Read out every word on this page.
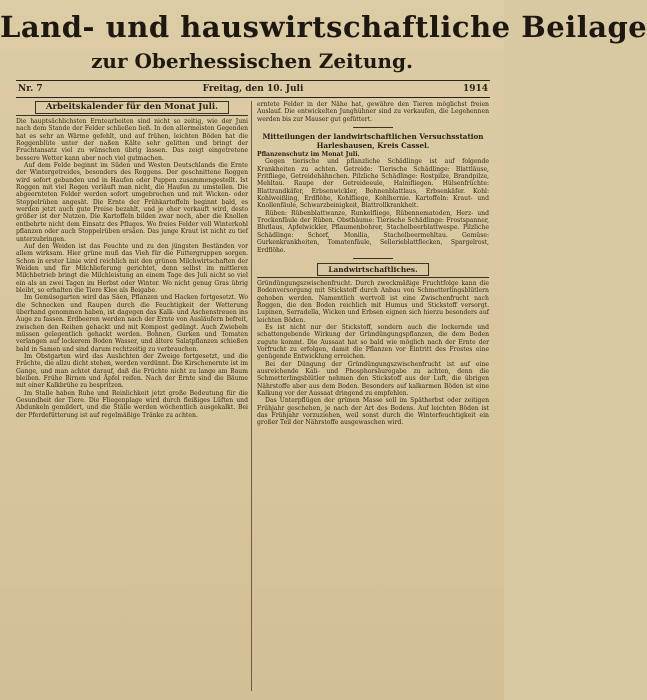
Land- und hauswirtschaftliche Beilage
zur Oberhessischen Zeitung.
Nr. 7	Freitag, den 10. Juli	1914
Arbeitskalender für den Monat Juli.

Die hauptsächlichsten Erntearbeiten sind nicht so zeitig, wie der Juni nach dem Stande der Felder schließen ließ. In den allermeisten Gegenden hat es sehr an Wärme gefehlt, und auf frühen, leichten Böden hat die Roggenblüte unter der naßen Kälte sehr gelitten und bringt der Fruchtansatz viel zu wünschen übrig lassen. Das zeigt eingetretene bessere Wetter kann aber noch viel gutmachen.

Auf dem Felde beginnt im Süden und Westen Deutschlands die Ernte der Wintergetreides, besonders des Roggens. Der geschnittene Roggen wird sofort gebunden und in Haufen oder Puppen zusammengestellt. Ist Roggen mit viel Regen verläuft man nicht, die Haufen zu umstellen. Die abgeernteten Felder werden sofort umgebrochen und mit Wicken- oder Stoppelrüben angesät. Die Ernte der Frühkartoffeln beginnt bald, es werden jetzt auch gute Preise bezahlt, und je eher verkauft wird, desto größer ist der Nutzen. Die Kartoffeln bilden zwar noch, aber die Knollen entbehrte nicht dem Einsatz des Pfluges. Wo freies Felder voll Winterkohl pflanzen oder auch Stoppelrüben ersäen. Das junge Kraut ist nicht zu tief unterzubringen.

Auf den Weiden ist das Feuchte und zu den jüngsten Beständen vor allem wirksam. Hier grüne muß das Vieh für die Futtergruppen sorgen. Schon in erster Linie wird reichlich mit den grünen Milchwirtschaften der Weiden und für Milchlieferung gerichtet, denn selbst im mittleren Milchbetrieb bringt die Milchleistung an einem Tage des Juli nicht so viel ein als an zwei Tagen im Herbst oder Winter. Wo nicht genug Gras übrig bleibt, so erhalten die Tiere Klee als Beigabe.

Im Gemüsegarten wird das Säen, Pflanzen und Hacken fortgesetzt. Wo die Schnecken und Raupen durch die Feuchtigkeit der Wetterung überhand genommen haben, ist dagegen das Kalk- und Aschenstreuen ins Auge zu fassen. Erdbeeren werden nach der Ernte von Ausläufern befreit, zwischen den Reihen gehackt und mit Kompost gedüngt. Auch Zwiebeln müssen gelegentlich gehackt werden. Bohnen, Gurken und Tomaten verlangen auf lockerem Boden Wasser, und ältere Salatpflanzen schießen bald in Samen und sind darum rechtzeitig zu verbrauchen.

Im Obstgarten wird das Auslichten der Zweige fortgesetzt, und die Früchte, die allzu dicht stehen, werden verdünnt. Die Kirschenernte ist im Gange, und man achtet darauf, daß die Früchte nicht zu lange am Baum bleiben. Frühe Birnen und Äpfel reifen. Nach der Ernte sind die Bäume mit einer Kalkbrühe zu bespritzen.

Im Stalle haben Ruhe und Reinlichkeit jetzt große Bedeutung für die Gesundheit der Tiere. Die Fliegenplage wird durch fleißiges Lüften und Abdunkeln gemildert, und die Ställe werden wöchentlich ausgekalkt. Bei der Pferdefütterung ist auf regelmäßige Tränke zu achten.

erntete Felder in der Nähe hat, gewähre den Tieren möglichst freien Auslauf. Die entwickelten Junghühner sind zu verkaufen, die Legehennen werden bis zur Mauser gut gefüttert.

Mitteilungen der landwirtschaftlichen Versuchsstation Harleshausen, Kreis Cassel.

Pflanzenschutz im Monat Juli.

Gegen tierische und pflanzliche Schädlinge ist auf folgende Krankheiten zu achten. Getreide: Tierische Schädlinge: Blattläuse, Fritfliege, Getreidehähnchen. Pilzliche Schädlinge: Rostpilze, Brandpilze, Mehltau. Raupe der Getreideeule, Halmfliegen. Hülsenfrüchte: Blattrandkäfer, Erbsenwickler, Bohnenblattlaus, Erbsenkäfer. Kohl: Kohlweißling, Erdflöhe, Kohlfliege, Kohlhernie. Kartoffeln: Kraut- und Knollenfäule, Schwarzbeinigkeit, Blattrollkrankheit.

Rüben: Rübenblattwanze, Runkelfliege, Rübennematoden, Herz- und Trockenfäule der Rüben. Obstbäume: Tierische Schädlinge: Frostspanner, Blutlaus, Apfelwickler, Pflaumenbohrer, Stachelbeerblattwespe. Pilzliche Schädlinge: Schorf, Monilia, Stachelbeermehltau. Gemüse: Gurkenkrankheiten, Tomatenfäule, Sellerieblattflecken, Spargelrost, Erdflöhe.

Landwirtschaftliches.

Gründüngungszwischenfrucht. Durch zweckmäßige Fruchtfolge kann die Bodenversorgung mit Stickstoff durch Anbau von Schmetterlingsblütlern gehoben werden. Namentlich wertvoll ist eine Zwischenfrucht nach Roggen, die den Boden reichlich mit Humus und Stickstoff versorgt. Lupinen, Serradella, Wicken und Erbsen eignen sich hierzu besonders auf leichten Böden.

Es ist nicht nur der Stickstoff, sondern auch die lockernde und schattengebende Wirkung der Gründüngungspflanzen, die dem Boden zugute kommt. Die Aussaat hat so bald wie möglich nach der Ernte der Vorfrucht zu erfolgen, damit die Pflanzen vor Eintritt des Frostes eine genügende Entwicklung erreichen.

Bei der Düngung der Gründüngungszwischenfrucht ist auf eine ausreichende Kali- und Phosphorsäuregabe zu achten, denn die Schmetterlingsblütler nehmen den Stickstoff aus der Luft, die übrigen Nährstoffe aber aus dem Boden. Besonders auf kalkarmen Böden ist eine Kalkung vor der Aussaat dringend zu empfehlen.

Das Unterpflügen der grünen Masse soll im Spätherbst oder zeitigen Frühjahr geschehen, je nach der Art des Bodens. Auf leichten Böden ist das Frühjahr vorzuziehen, weil sonst durch die Winterfeuchtigkeit ein großer Teil der Nährstoffe ausgewaschen wird.
